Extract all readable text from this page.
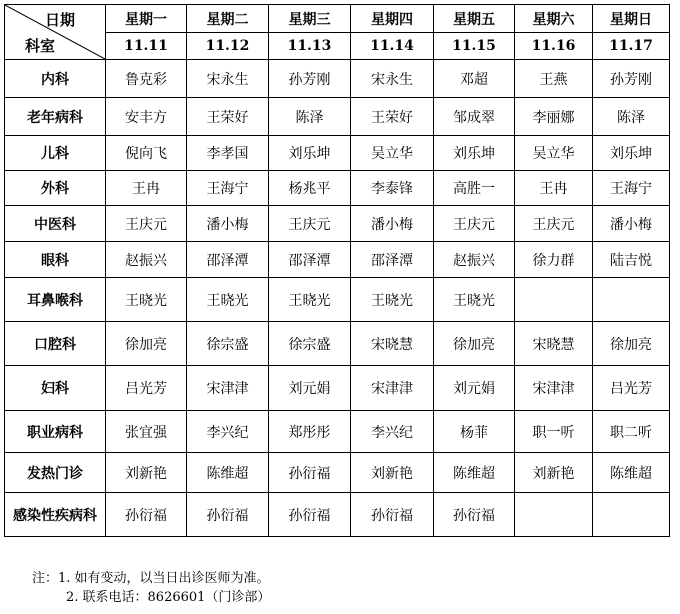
日期
科室	星期一	星期二	星期三	星期四	星期五	星期六	星期日
	11.11	11.12	11.13	11.14	11.15	11.16	11.17
内科	鲁克彩	宋永生	孙芳刚	宋永生	邓超	王燕	孙芳刚
老年病科	安丰方	王荣好	陈泽	王荣好	邹成翠	李丽娜	陈泽
儿科	倪向飞	李孝国	刘乐坤	吴立华	刘乐坤	吴立华	刘乐坤
外科	王冉	王海宁	杨兆平	李泰锋	高胜一	王冉	王海宁
中医科	王庆元	潘小梅	王庆元	潘小梅	王庆元	王庆元	潘小梅
眼科	赵振兴	邵泽潭	邵泽潭	邵泽潭	赵振兴	徐力群	陆吉悦
耳鼻喉科	王晓光	王晓光	王晓光	王晓光	王晓光		
口腔科	徐加亮	徐宗盛	徐宗盛	宋晓慧	徐加亮	宋晓慧	徐加亮
妇科	吕光芳	宋津津	刘元娟	宋津津	刘元娟	宋津津	吕光芳
职业病科	张宜强	李兴纪	郑彤彤	李兴纪	杨菲	职一听	职二听
发热门诊	刘新艳	陈维超	孙衍福	刘新艳	陈维超	刘新艳	陈维超
感染性疾病科	孙衍福	孙衍福	孙衍福	孙衍福	孙衍福		
注：1. 如有变动，以当日出诊医师为准。
2. 联系电话：8626601（门诊部）
